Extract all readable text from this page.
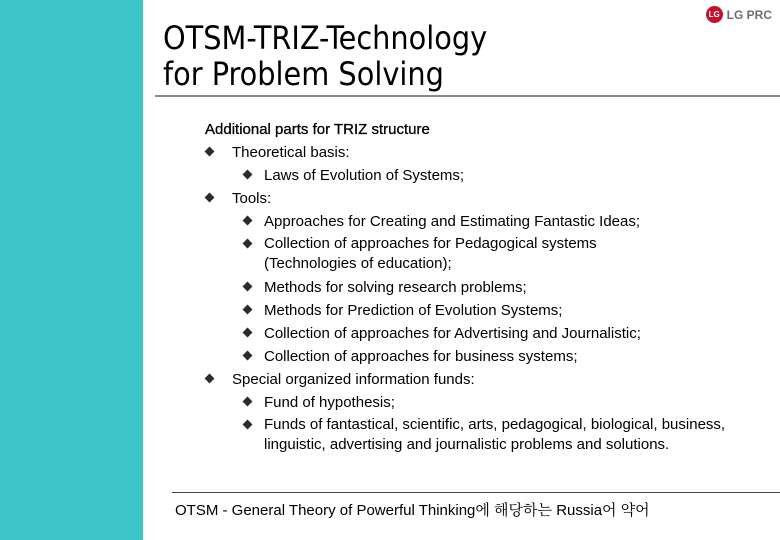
OTSM-TRIZ-Technology
for Problem Solving
LG LG PRC

Additional parts for TRIZ structure

Theoretical basis:
Laws of Evolution of Systems;
Tools:
Approaches for Creating and Estimating Fantastic Ideas;
Collection of approaches for Pedagogical systems (Technologies of education);
Methods for solving research problems;
Methods for Prediction of Evolution Systems;
Collection of approaches for Advertising and Journalistic;
Collection of approaches for business systems;
Special organized information funds:
Fund of hypothesis;
Funds of fantastical, scientific, arts, pedagogical, biological, business, linguistic, advertising and journalistic problems and solutions.
OTSM - General Theory of Powerful Thinking에 해당하는 Russia어 약어
